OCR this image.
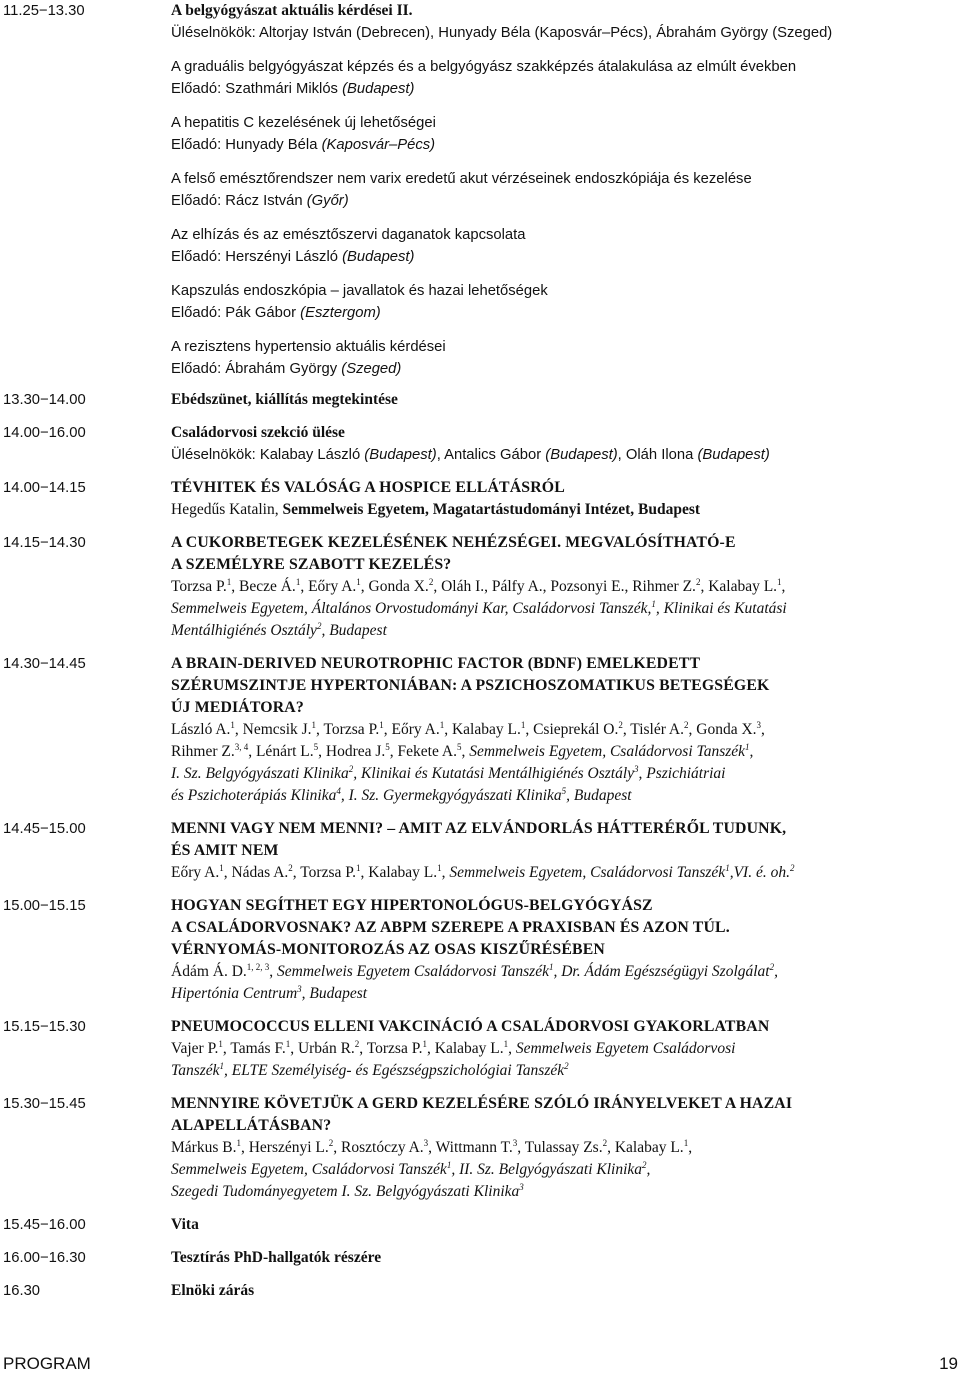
11.25−13.30	A belgyógyászat aktuális kérdései II.
Üléselnökök: Altorjay István (Debrecen), Hunyady Béla (Kaposvár–Pécs), Ábrahám György (Szeged)
A graduális belgyógyászat képzés és a belgyógyász szakképzés átalakulása az elmúlt években
Előadó: Szathmári Miklós (Budapest)
A hepatitis C kezelésének új lehetőségei
Előadó: Hunyady Béla (Kaposvár–Pécs)
A felső emésztőrendszer nem varix eredetű akut vérzéseinek endoszkópiája és kezelése
Előadó: Rácz István (Győr)
Az elhízás és az emésztőszervi daganatok kapcsolata
Előadó: Herszényi László (Budapest)
Kapszulás endoszkópia – javallatok és hazai lehetőségek
Előadó: Pák Gábor (Esztergom)
A rezisztens hypertensio aktuális kérdései
Előadó: Ábrahám György (Szeged)
13.30−14.00	Ebédszünet, kiállítás megtekintése
14.00−16.00	Családorvosi szekció ülése
Üléselnökök: Kalabay László (Budapest), Antalics Gábor (Budapest), Oláh Ilona (Budapest)
14.00−14.15	TÉVHITEK ÉS VALÓSÁG A HOSPICE ELLÁTÁSRÓL
Hegedűs Katalin, Semmelweis Egyetem, Magatartástudományi Intézet, Budapest
14.15−14.30	A CUKORBETEGEK KEZELÉSÉNEK NEHÉZSÉGEI. MEGVALÓSÍTHATÓ-E
A SZEMÉLYRE SZABOTT KEZELÉS?
Torzsa P.$^1$, Becze Á.$^1$, Eőry A.$^1$, Gonda X.$^2$, Oláh I., Pálfy A., Pozsonyi E., Rihmer Z.$^2$, Kalabay L.$^1$,
Semmelweis Egyetem, Általános Orvostudományi Kar, Családorvosi Tanszék,$^1$, Klinikai és Kutatási
Mentálhigiénés Osztály$^2$, Budapest
14.30−14.45	A BRAIN-DERIVED NEUROTROPHIC FACTOR (BDNF) EMELKEDETT
SZÉRUMSZINTJE HYPERTONIÁBAN: A PSZICHOSZOMATIKUS BETEGSÉGEK
ÚJ MEDIÁTORA?
László A.$^1$, Nemcsik J.$^1$, Torzsa P.$^1$, Eőry A.$^1$, Kalabay L.$^1$, Csieprekál O.$^2$, Tislér A.$^2$, Gonda X.$^3$,
Rihmer Z.$^{3, 4}$, Lénárt L.$^5$, Hodrea J.$^5$, Fekete A.$^5$, Semmelweis Egyetem, Családorvosi Tanszék$^1$,
I. Sz. Belgyógyászati Klinika$^2$, Klinikai és Kutatási Mentálhigiénés Osztály$^3$, Pszichiátriai
és Pszichoterápiás Klinika$^4$, I. Sz. Gyermekgyógyászati Klinika$^5$, Budapest
14.45−15.00	MENNI VAGY NEM MENNI? – AMIT AZ ELVÁNDORLÁS HÁTTERÉRŐL TUDUNK,
ÉS AMIT NEM
Eőry A.$^1$, Nádas A.$^2$, Torzsa P.$^1$, Kalabay L.$^1$, Semmelweis Egyetem, Családorvosi Tanszék$^1$,VI. é. oh.$^2$
15.00−15.15	HOGYAN SEGÍTHET EGY HIPERTONOLÓGUS-BELGYÓGYÁSZ
A CSALÁDORVOSNAK? AZ ABPM SZEREPE A PRAXISBAN ÉS AZON TÚL.
VÉRNYOMÁS-MONITOROZÁS AZ OSAS KISZŰRÉSÉBEN
Ádám Á. D.$^{1, 2, 3}$, Semmelweis Egyetem Családorvosi Tanszék$^1$, Dr. Ádám Egészségügyi Szolgálat$^2$,
Hipertónia Centrum$^3$, Budapest
15.15−15.30	PNEUMOCOCCUS ELLENI VAKCINÁCIÓ A CSALÁDORVOSI GYAKORLATBAN
Vajer P.$^1$, Tamás F.$^1$, Urbán R.$^2$, Torzsa P.$^1$, Kalabay L.$^1$, Semmelweis Egyetem Családorvosi
Tanszék$^1$, ELTE Személyiség- és Egészségpszichológiai Tanszék$^2$
15.30−15.45	MENNYIRE KÖVETJÜK A GERD KEZELÉSÉRE SZÓLÓ IRÁNYELVEKET A HAZAI
ALAPELLÁTÁSBAN?
Márkus B.$^1$, Herszényi L.$^2$, Rosztóczy A.$^3$, Wittmann T.$^3$, Tulassay Zs.$^2$, Kalabay L.$^1$,
Semmelweis Egyetem, Családorvosi Tanszék$^1$, II. Sz. Belgyógyászati Klinika$^2$,
Szegedi Tudományegyetem I. Sz. Belgyógyászati Klinika$^3$
15.45−16.00	Vita
16.00−16.30	Tesztírás PhD-hallgatók részére
16.30	Elnöki zárás
PROGRAM	19
